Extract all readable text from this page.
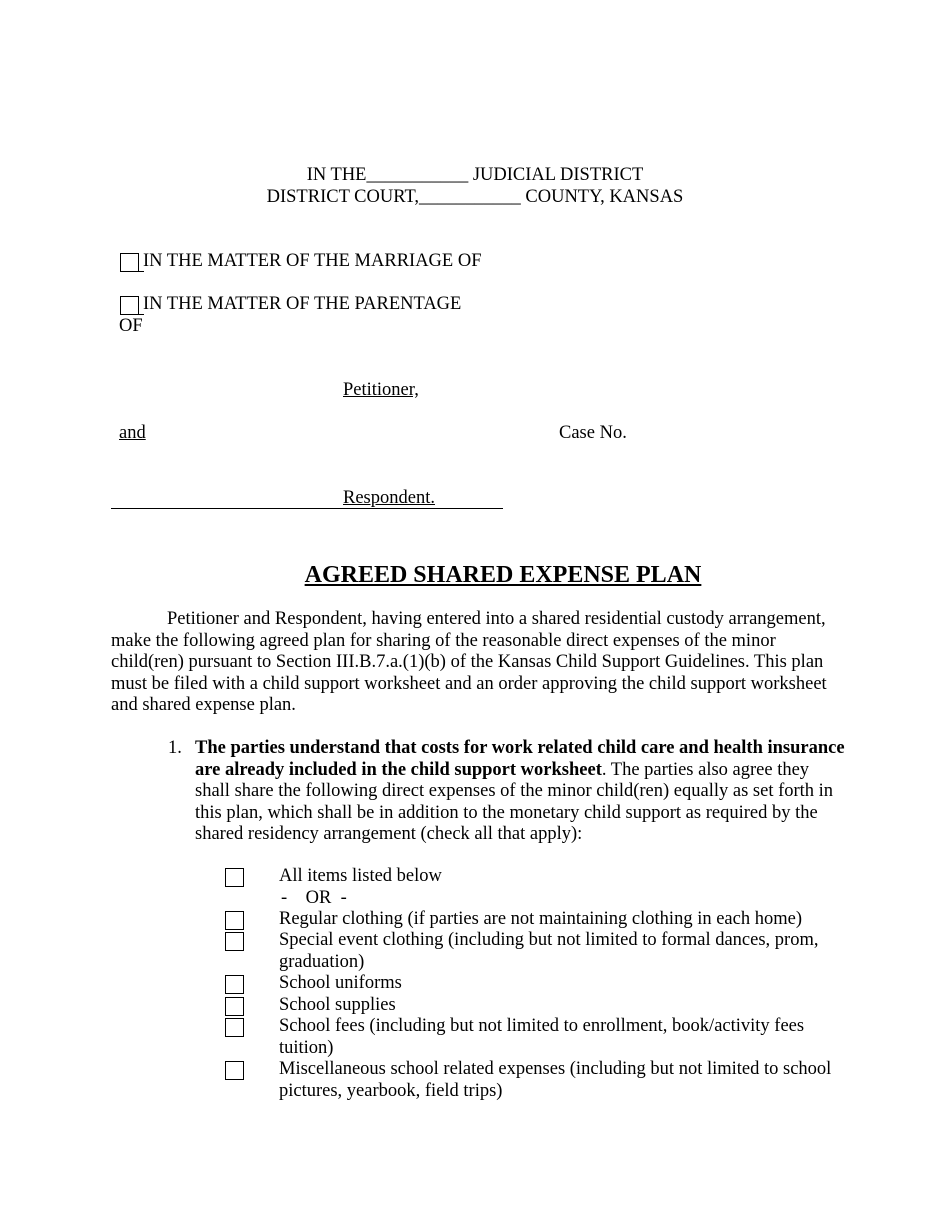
IN THE___________ JUDICIAL DISTRICT
DISTRICT COURT,___________ COUNTY, KANSAS
IN THE MATTER OF THE MARRIAGE OF
IN THE MATTER OF THE PARENTAGE
OF
Petitioner,
and	Case No.
Respondent.
AGREED SHARED EXPENSE PLAN
Petitioner and Respondent, having entered into a shared residential custody arrangement, make the following agreed plan for sharing of the reasonable direct expenses of the minor child(ren) pursuant to Section III.B.7.a.(1)(b) of the Kansas Child Support Guidelines. This plan must be filed with a child support worksheet and an order approving the child support worksheet and shared expense plan.
1. The parties understand that costs for work related child care and health insurance are already included in the child support worksheet. The parties also agree they shall share the following direct expenses of the minor child(ren) equally as set forth in this plan, which shall be in addition to the monetary child support as required by the shared residency arrangement (check all that apply):
All items listed below
-    OR  -
Regular clothing (if parties are not maintaining clothing in each home)
Special event clothing (including but not limited to formal dances, prom, graduation)
School uniforms
School supplies
School fees (including but not limited to enrollment, book/activity fees tuition)
Miscellaneous school related expenses (including but not limited to school pictures, yearbook, field trips)
